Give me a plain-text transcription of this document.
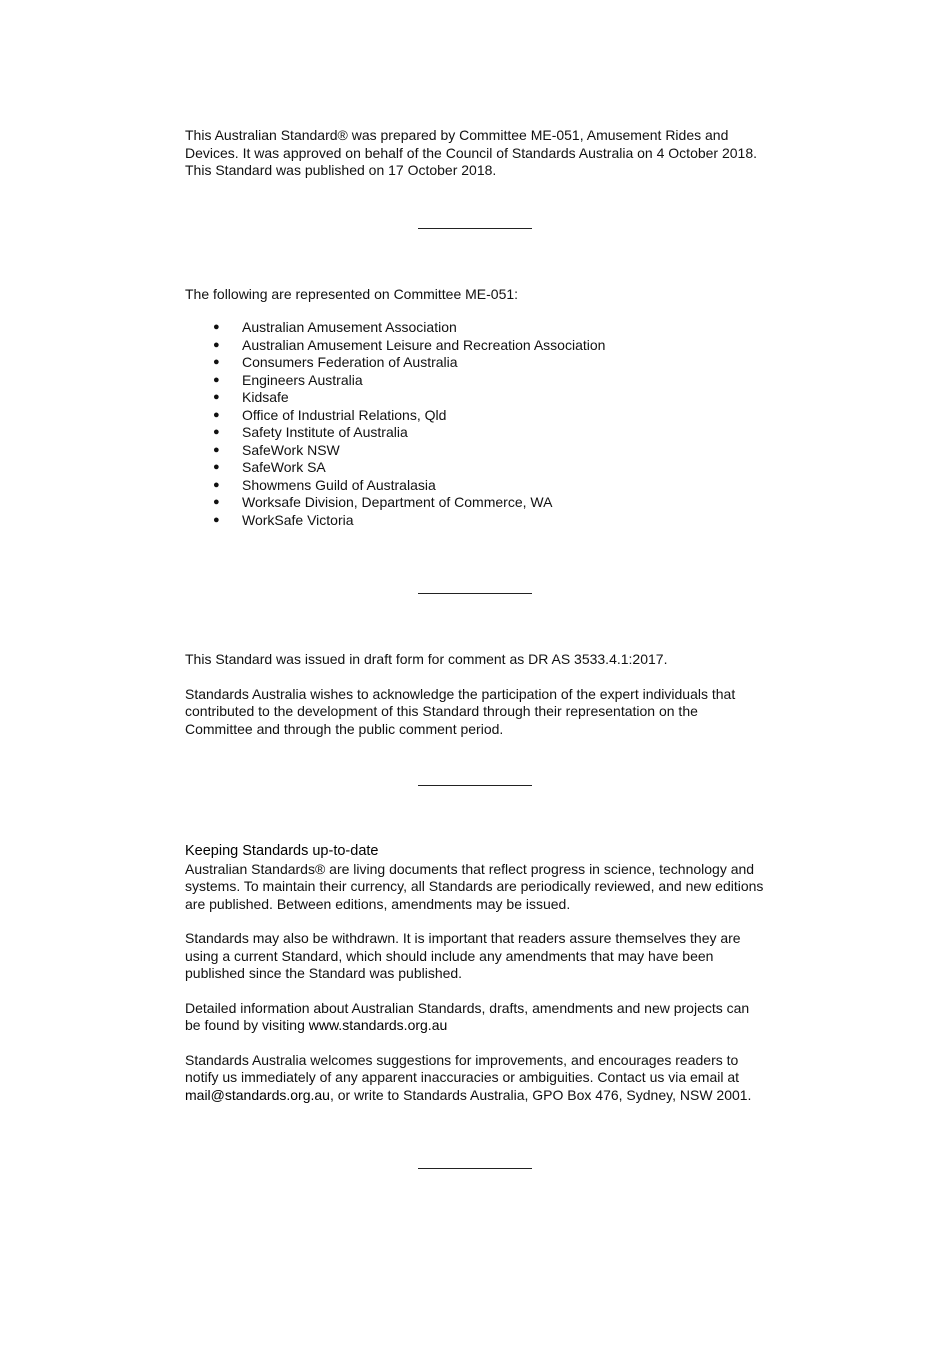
This Australian Standard® was prepared by Committee ME-051, Amusement Rides and
Devices. It was approved on behalf of the Council of Standards Australia on 4 October 2018.
This Standard was published on 17 October 2018.

The following are represented on Committee ME-051:

● Australian Amusement Association
● Australian Amusement Leisure and Recreation Association
● Consumers Federation of Australia
● Engineers Australia
● Kidsafe
● Office of Industrial Relations, Qld
● Safety Institute of Australia
● SafeWork NSW
● SafeWork SA
● Showmens Guild of Australasia
● Worksafe Division, Department of Commerce, WA
● WorkSafe Victoria

This Standard was issued in draft form for comment as DR AS 3533.4.1:2017.

Standards Australia wishes to acknowledge the participation of the expert individuals that
contributed to the development of this Standard through their representation on the
Committee and through the public comment period.

Keeping Standards up-to-date

Australian Standards® are living documents that reflect progress in science, technology and
systems. To maintain their currency, all Standards are periodically reviewed, and new editions
are published. Between editions, amendments may be issued.

Standards may also be withdrawn. It is important that readers assure themselves they are
using a current Standard, which should include any amendments that may have been
published since the Standard was published.

Detailed information about Australian Standards, drafts, amendments and new projects can
be found by visiting www.standards.org.au

Standards Australia welcomes suggestions for improvements, and encourages readers to
notify us immediately of any apparent inaccuracies or ambiguities. Contact us via email at
mail@standards.org.au, or write to Standards Australia, GPO Box 476, Sydney, NSW 2001.
